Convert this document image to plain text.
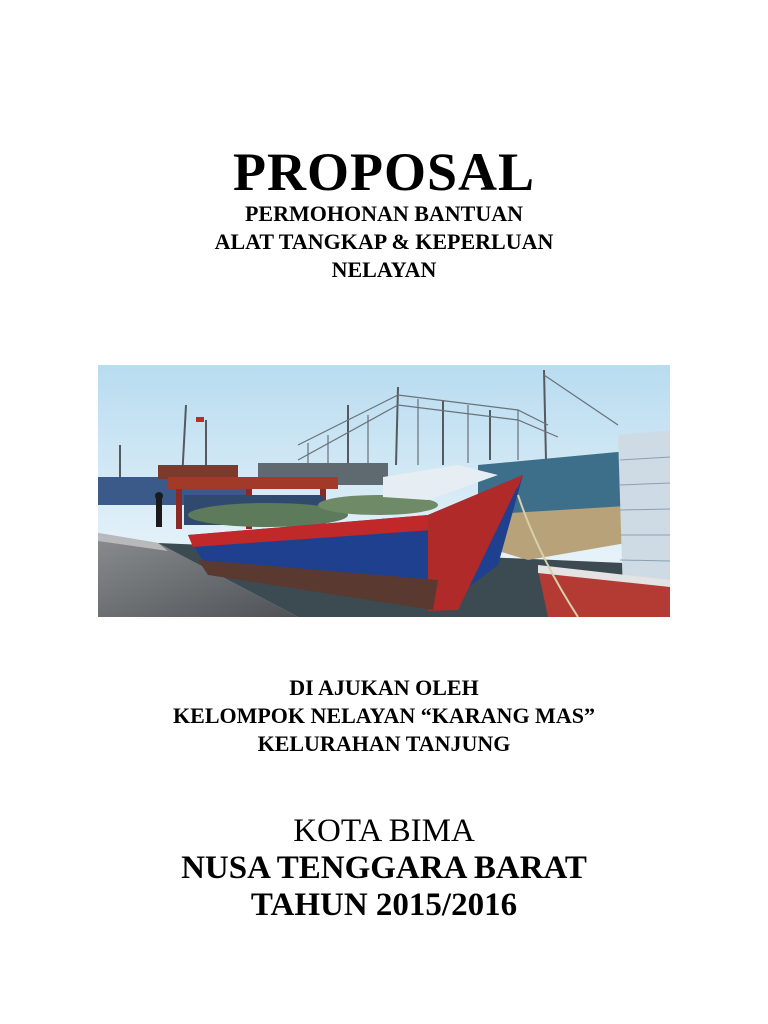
PROPOSAL
PERMOHONAN BANTUAN
ALAT TANGKAP & KEPERLUAN
NELAYAN
DI AJUKAN OLEH
KELOMPOK NELAYAN “KARANG MAS”
KELURAHAN TANJUNG
KOTA BIMA
NUSA TENGGARA BARAT
TAHUN 2015/2016
